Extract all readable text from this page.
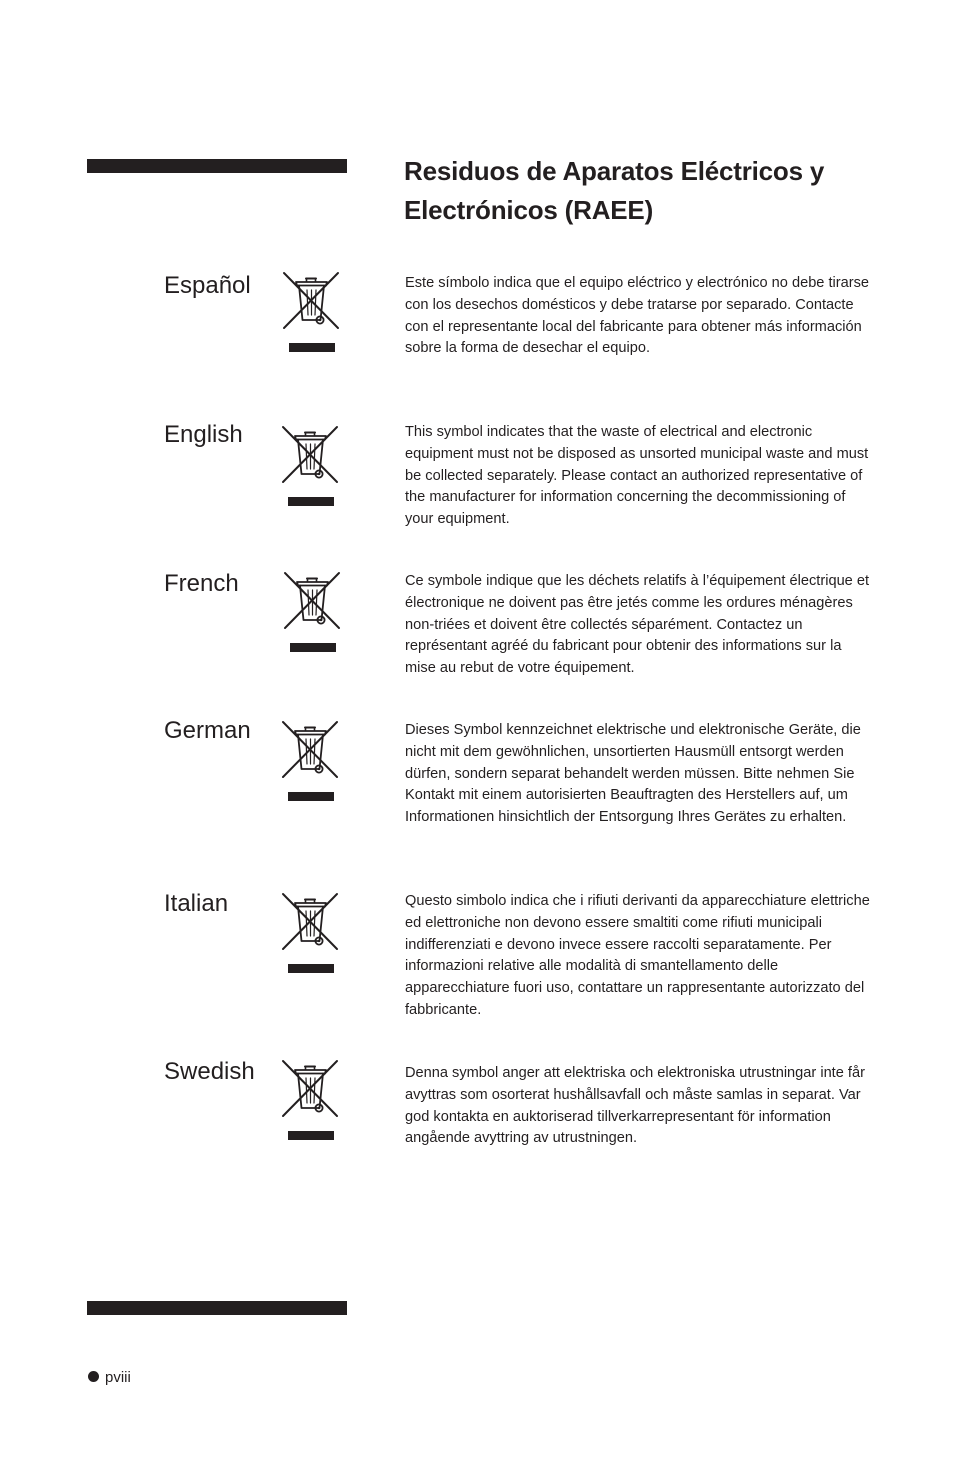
Residuos de Aparatos Eléctricos y Electrónicos (RAEE)
Español	Este símbolo indica que el equipo eléctrico y electrónico no debe tirarse con los desechos domésticos y debe tratarse por separado. Contacte con el representante local del fabricante para obtener más información sobre la forma de desechar el equipo.

English	This symbol indicates that the waste of electrical and electronic equipment must not be disposed as unsorted municipal waste and must be collected separately. Please contact an authorized representative of the manufacturer for information concerning the decommissioning of your equipment.

French	Ce symbole indique que les déchets relatifs à l’équipement électrique et électronique ne doivent pas être jetés comme les ordures ménagères non-triées et doivent être collectés séparément. Contactez un représentant agréé du fabricant pour obtenir des informations sur la mise au rebut de votre équipement.

German	Dieses Symbol kennzeichnet elektrische und elektronische Geräte, die nicht mit dem gewöhnlichen, unsortierten Hausmüll entsorgt werden dürfen, sondern separat behandelt werden müssen. Bitte nehmen Sie Kontakt mit einem autorisierten Beauftragten des Herstellers auf, um Informationen hinsichtlich der Entsorgung Ihres Gerätes zu erhalten.

Italian	Questo simbolo indica che i rifiuti derivanti da apparecchiature elettriche ed elettroniche non devono essere smaltiti come rifiuti municipali indifferenziati e devono invece essere raccolti separatamente. Per informazioni relative alle modalità di smantellamento delle apparecchiature fuori uso, contattare un rappresentante autorizzato del fabbricante.

Swedish	Denna symbol anger att elektriska och elektroniska utrustningar inte får avyttras som osorterat hushållsavfall och måste samlas in separat. Var god kontakta en auktoriserad tillverkarrepresentant för information angående avyttring av utrustningen.

pviii
